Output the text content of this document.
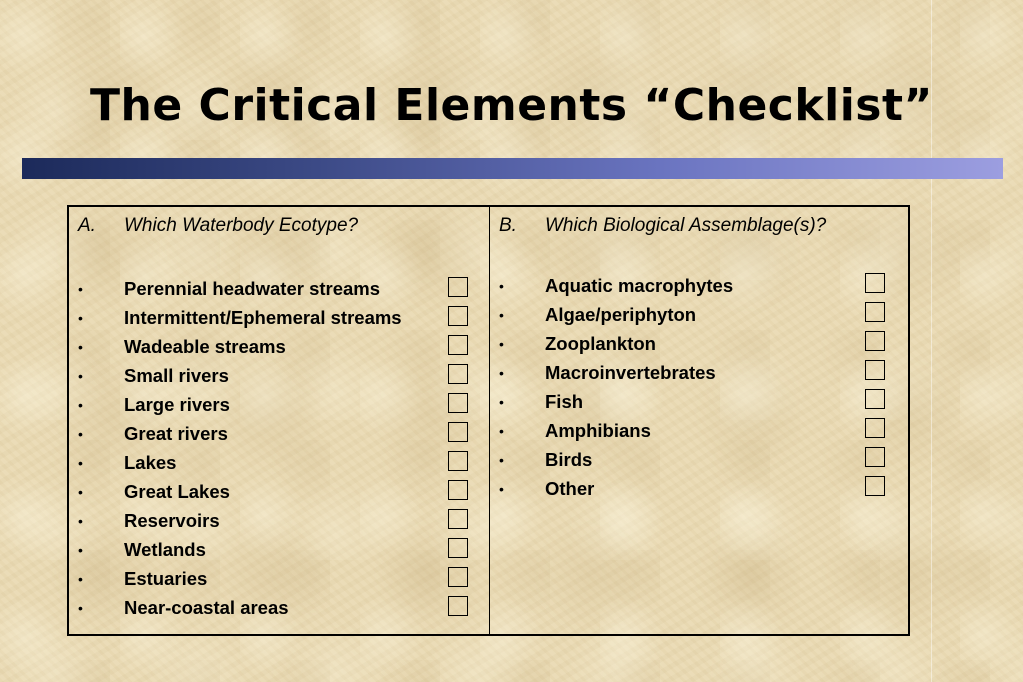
The Critical Elements “Checklist”
A.	Which Waterbody Ecotype?
•	Perennial headwater streams
•	Intermittent/Ephemeral streams
•	Wadeable streams
•	Small rivers
•	Large rivers
•	Great rivers
•	Lakes
•	Great Lakes
•	Reservoirs
•	Wetlands
•	Estuaries
•	Near-coastal areas
B.	Which Biological Assemblage(s)?
•	Aquatic macrophytes
•	Algae/periphyton
•	Zooplankton
•	Macroinvertebrates
•	Fish
•	Amphibians
•	Birds
•	Other
